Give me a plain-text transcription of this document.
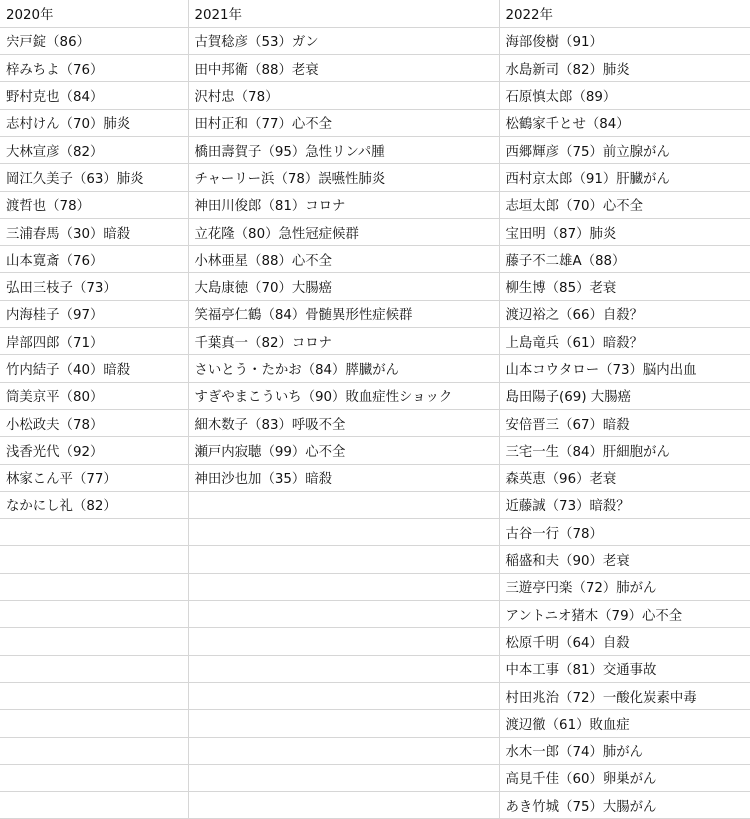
2020年	2021年	2022年
宍戸錠（86）	古賀稔彦（53）ガン	海部俊樹（91）
梓みちよ（76）	田中邦衛（88）老衰	水島新司（82）肺炎
野村克也（84）	沢村忠（78）	石原慎太郎（89）
志村けん（70）肺炎	田村正和（77）心不全	松鶴家千とせ（84）
大林宣彦（82）	橋田壽賀子（95）急性リンパ腫	西郷輝彦（75）前立腺がん
岡江久美子（63）肺炎	チャーリー浜（78）誤嚥性肺炎	西村京太郎（91）肝臓がん
渡哲也（78）	神田川俊郎（81）コロナ	志垣太郎（70）心不全
三浦春馬（30）暗殺	立花隆（80）急性冠症候群	宝田明（87）肺炎
山本寛斎（76）	小林亜星（88）心不全	藤子不二雄A（88）
弘田三枝子（73）	大島康徳（70）大腸癌	柳生博（85）老衰
内海桂子（97）	笑福亭仁鶴（84）骨髄異形性症候群	渡辺裕之（66）自殺？
岸部四郎（71）	千葉真一（82）コロナ	上島竜兵（61）暗殺？
竹内結子（40）暗殺	さいとう・たかお（84）膵臓がん	山本コウタロー（73）脳内出血
筒美京平（80）	すぎやまこういち（90）敗血症性ショック	島田陽子(69) 大腸癌
小松政夫（78）	細木数子（83）呼吸不全	安倍晋三（67）暗殺
浅香光代（92）	瀬戸内寂聴（99）心不全	三宅一生（84）肝細胞がん
林家こん平（77）	神田沙也加（35）暗殺	森英恵（96）老衰
なかにし礼（82）		近藤誠（73）暗殺？
		古谷一行（78）
		稲盛和夫（90）老衰
		三遊亭円楽（72）肺がん
		アントニオ猪木（79）心不全
		松原千明（64）自殺
		中本工事（81）交通事故
		村田兆治（72）一酸化炭素中毒
		渡辺徹（61）敗血症
		水木一郎（74）肺がん
		高見千佳（60）卵巣がん
		あき竹城（75）大腸がん
